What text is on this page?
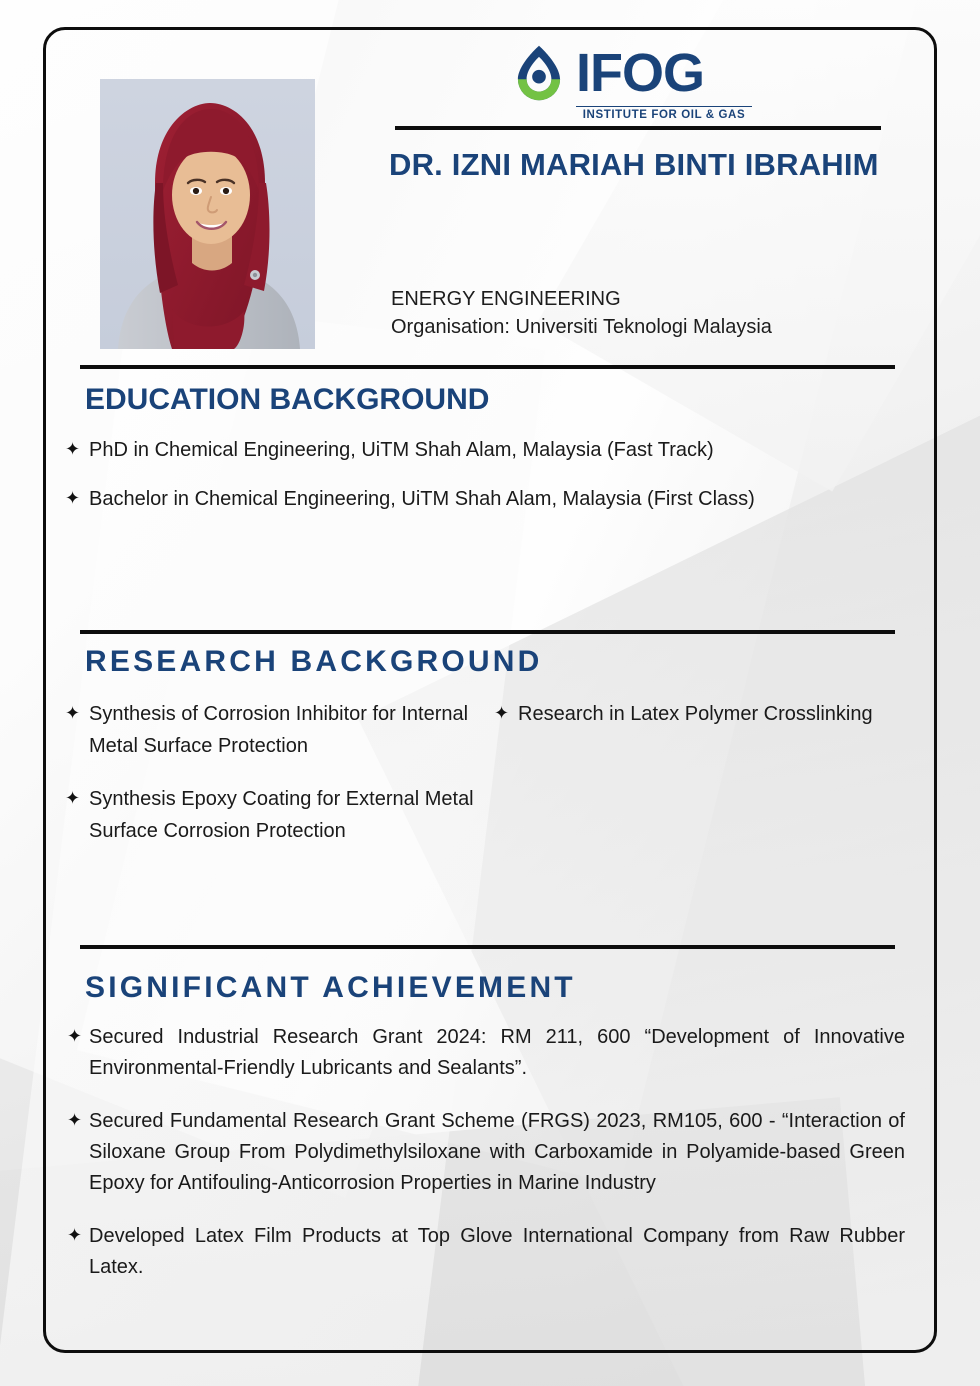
IFOG
INSTITUTE FOR OIL & GAS
DR. IZNI MARIAH BINTI IBRAHIM
ENERGY ENGINEERING
Organisation: Universiti Teknologi Malaysia
EDUCATION BACKGROUND
✦ PhD in Chemical Engineering, UiTM Shah Alam, Malaysia (Fast Track)
✦ Bachelor in Chemical Engineering, UiTM Shah Alam, Malaysia (First Class)
RESEARCH BACKGROUND
✦ Synthesis of Corrosion Inhibitor for Internal Metal Surface Protection
✦ Synthesis Epoxy Coating for External Metal Surface Corrosion Protection
✦ Research in Latex Polymer Crosslinking
SIGNIFICANT ACHIEVEMENT
✦ Secured Industrial Research Grant 2024: RM 211, 600 “Development of Innovative Environmental-Friendly Lubricants and Sealants”.
✦ Secured Fundamental Research Grant Scheme (FRGS) 2023, RM105, 600 - “Interaction of Siloxane Group From Polydimethylsiloxane with Carboxamide in Polyamide-based Green Epoxy for Antifouling-Anticorrosion Properties in Marine Industry
✦ Developed Latex Film Products at Top Glove International Company from Raw Rubber Latex.
